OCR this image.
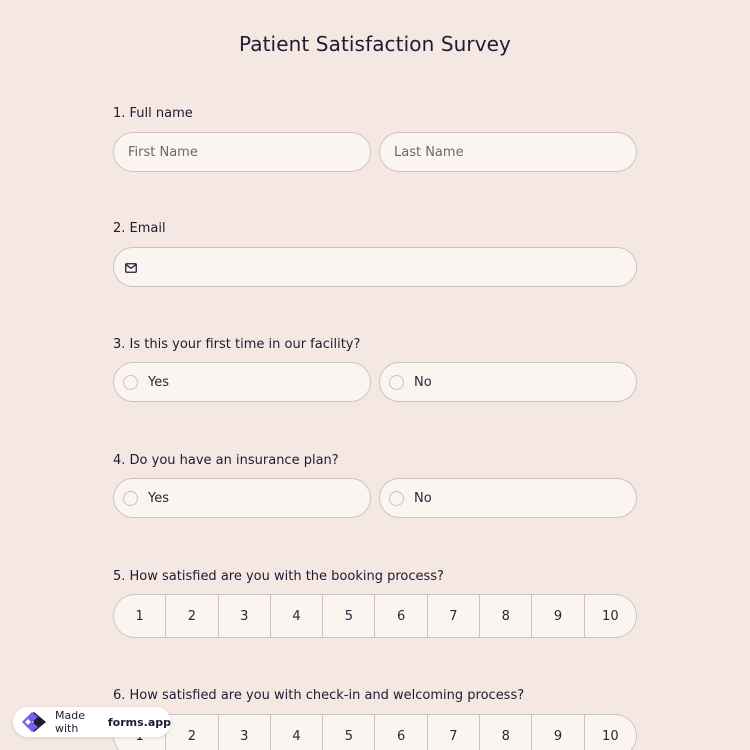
Patient Satisfaction Survey
1. Full name
First Name	Last Name
2. Email
3. Is this your first time in our facility?
Yes	No
4. Do you have an insurance plan?
Yes	No
5. How satisfied are you with the booking process?
1	2	3	4	5	6	7	8	9	10
6. How satisfied are you with check-in and welcoming process?
2	3	4	5	6	7	8	9	10
Made with	forms.app
